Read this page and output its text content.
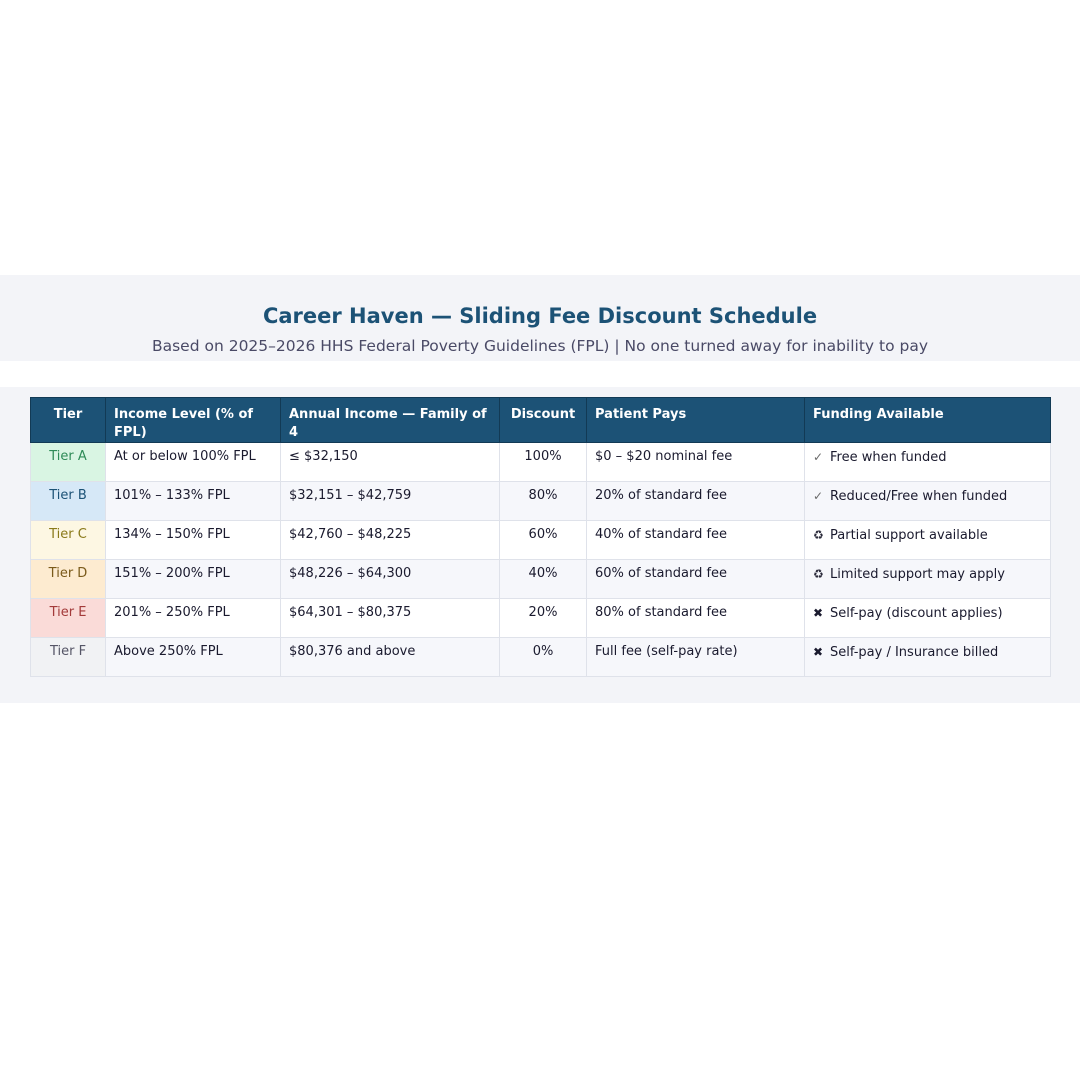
Career Haven — Sliding Fee Discount Schedule
Based on 2025–2026 HHS Federal Poverty Guidelines (FPL) | No one turned away for inability to pay
Tier	Income Level (% of FPL)	Annual Income — Family of 4	Discount	Patient Pays	Funding Available
Tier A	At or below 100% FPL	≤ $32,150	100%	$0 – $20 nominal fee	✓ Free when funded
Tier B	101% – 133% FPL	$32,151 – $42,759	80%	20% of standard fee	✓ Reduced/Free when funded
Tier C	134% – 150% FPL	$42,760 – $48,225	60%	40% of standard fee	♻ Partial support available
Tier D	151% – 200% FPL	$48,226 – $64,300	40%	60% of standard fee	♻ Limited support may apply
Tier E	201% – 250% FPL	$64,301 – $80,375	20%	80% of standard fee	✖ Self-pay (discount applies)
Tier F	Above 250% FPL	$80,376 and above	0%	Full fee (self-pay rate)	✖ Self-pay / Insurance billed
